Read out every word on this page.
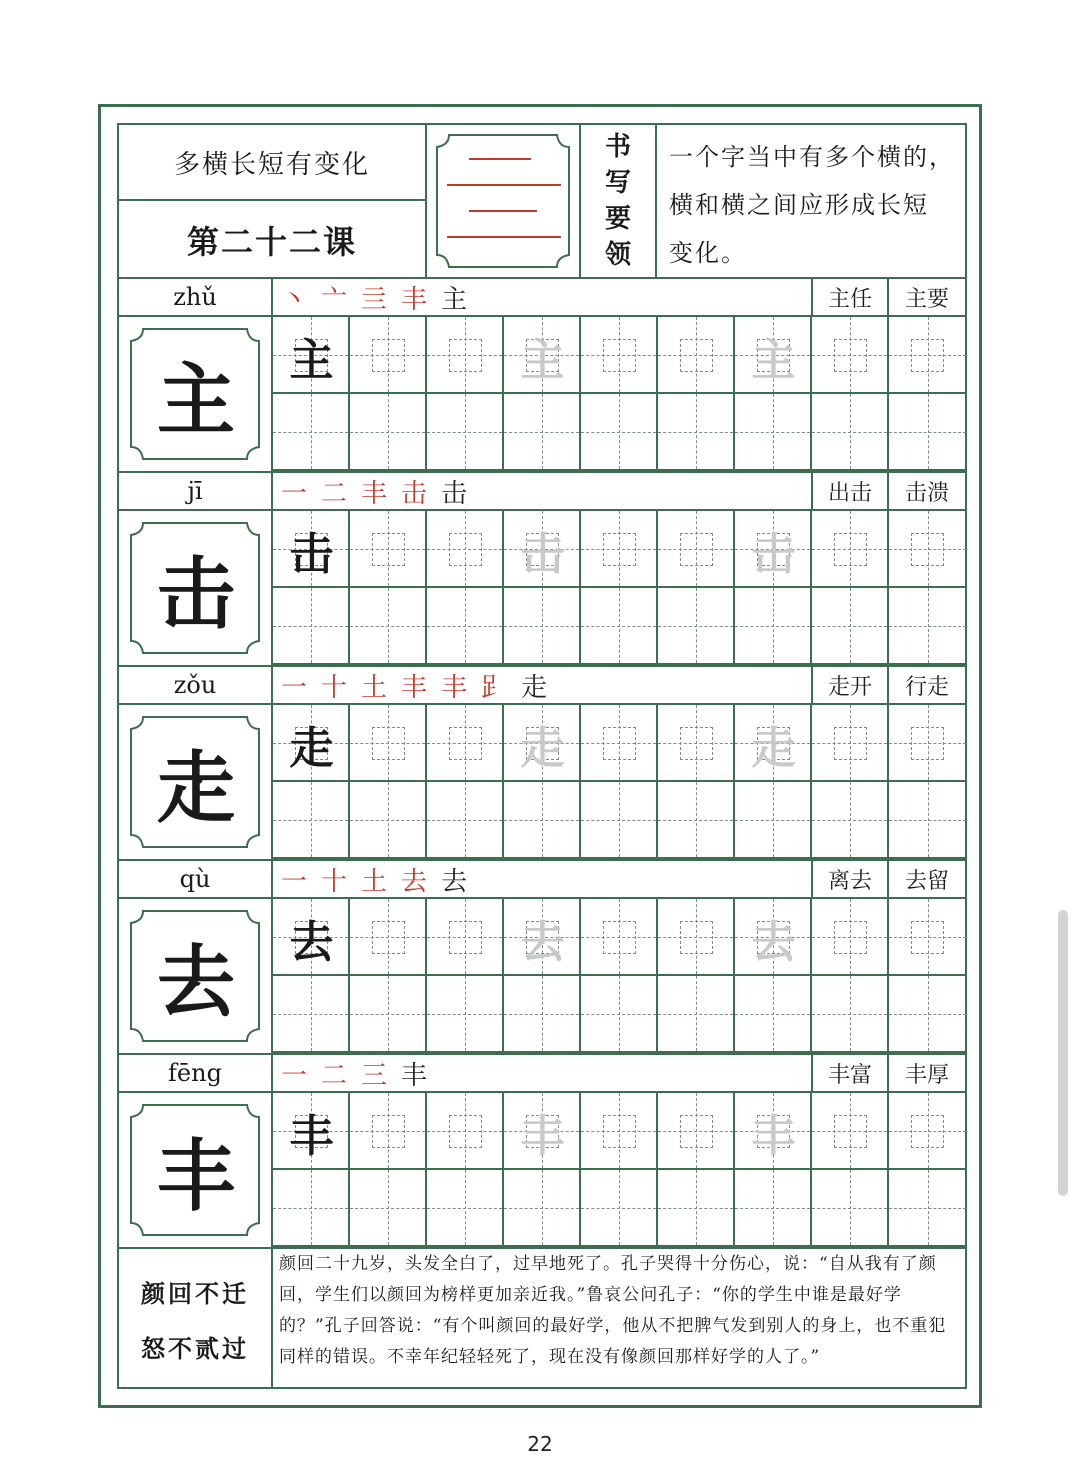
多横长短有变化
第二十二课
书
写
要
领
一个字当中有多个横的，
横和横之间应形成长短
变化。
zhǔ	丶 亠 亖 丰 主	主任	主要
主	主	主	主
jī	一 二 丰 击 击	出击	击溃
击	击	击	击
zǒu	一 十 土 丰 丰 𧾷 走	走开	行走
走	走	走	走
qù	一 十 土 去 去	离去	去留
去	去	去	去
fēng	一 二 三 丰	丰富	丰厚
丰	丰	丰	丰
颜回不迁
怒不贰过
颜回二十九岁，头发全白了，过早地死了。孔子哭得十分伤心，说：“自从我有了颜回，学生们以颜回为榜样更加亲近我。”鲁哀公问孔子：“你的学生中谁是最好学的？”孔子回答说：“有个叫颜回的最好学，他从不把脾气发到别人的身上，也不重犯同样的错误。不幸年纪轻轻死了，现在没有像颜回那样好学的人了。”
22
